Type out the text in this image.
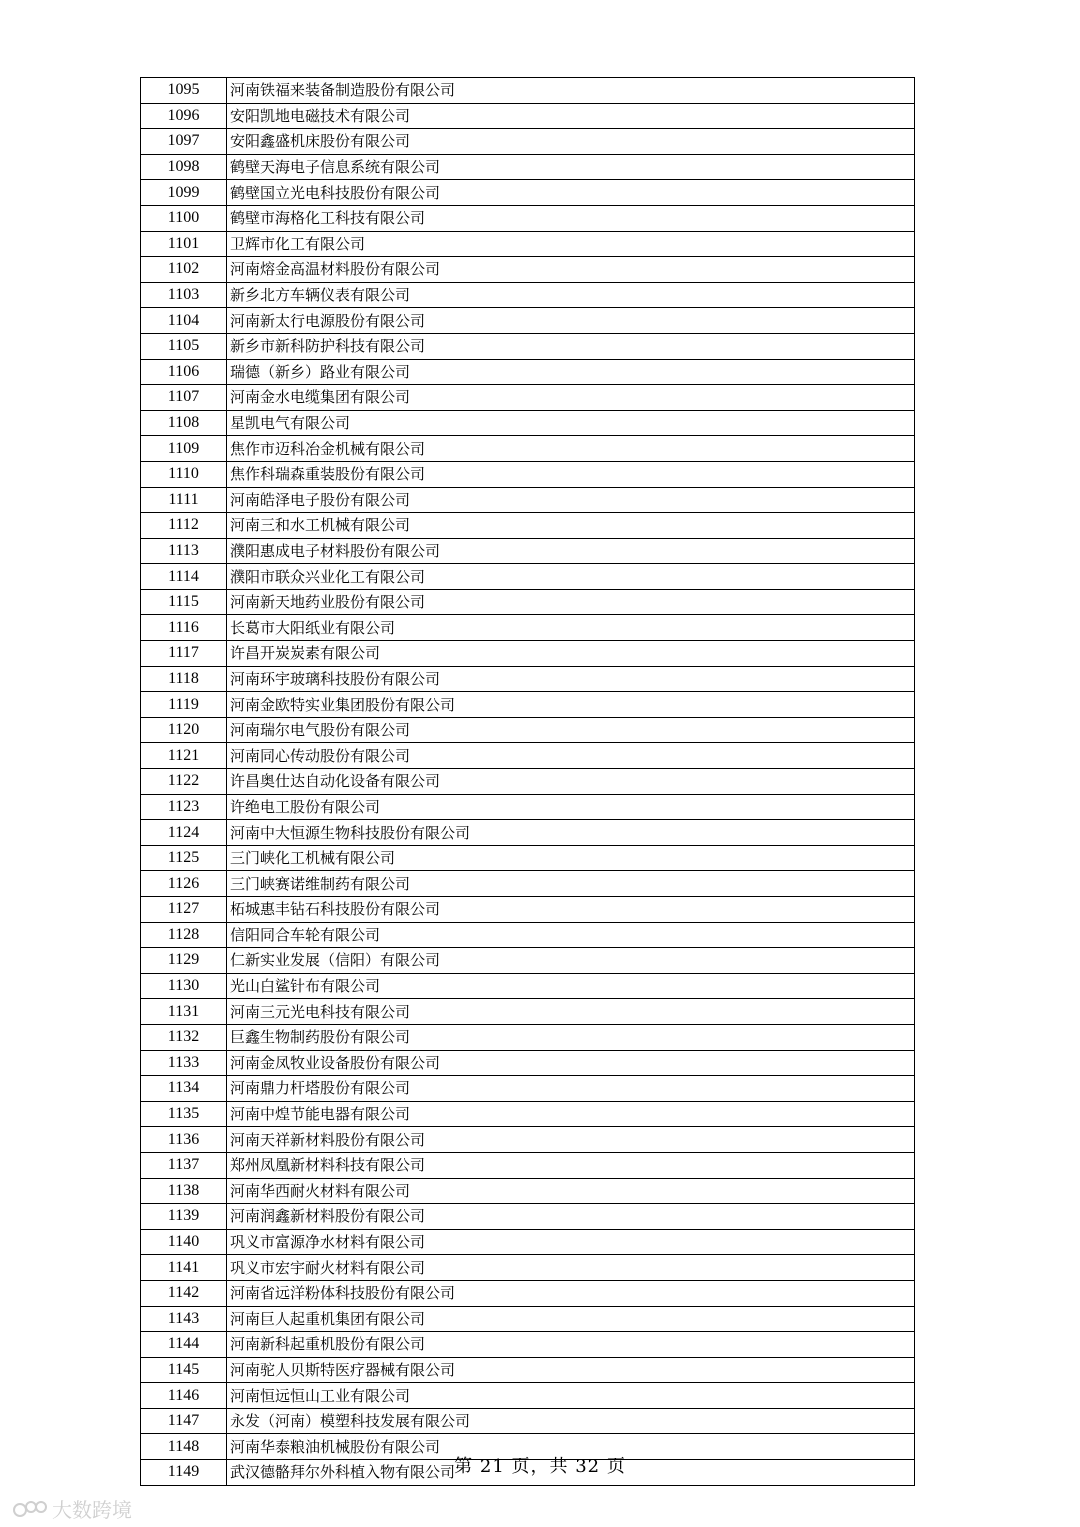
1095	河南铁福来装备制造股份有限公司
1096	安阳凯地电磁技术有限公司
1097	安阳鑫盛机床股份有限公司
1098	鹤壁天海电子信息系统有限公司
1099	鹤壁国立光电科技股份有限公司
1100	鹤壁市海格化工科技有限公司
1101	卫辉市化工有限公司
1102	河南熔金高温材料股份有限公司
1103	新乡北方车辆仪表有限公司
1104	河南新太行电源股份有限公司
1105	新乡市新科防护科技有限公司
1106	瑞德（新乡）路业有限公司
1107	河南金水电缆集团有限公司
1108	星凯电气有限公司
1109	焦作市迈科冶金机械有限公司
1110	焦作科瑞森重装股份有限公司
1111	河南皓泽电子股份有限公司
1112	河南三和水工机械有限公司
1113	濮阳惠成电子材料股份有限公司
1114	濮阳市联众兴业化工有限公司
1115	河南新天地药业股份有限公司
1116	长葛市大阳纸业有限公司
1117	许昌开炭炭素有限公司
1118	河南环宇玻璃科技股份有限公司
1119	河南金欧特实业集团股份有限公司
1120	河南瑞尔电气股份有限公司
1121	河南同心传动股份有限公司
1122	许昌奥仕达自动化设备有限公司
1123	许绝电工股份有限公司
1124	河南中大恒源生物科技股份有限公司
1125	三门峡化工机械有限公司
1126	三门峡赛诺维制药有限公司
1127	柘城惠丰钻石科技股份有限公司
1128	信阳同合车轮有限公司
1129	仁新实业发展（信阳）有限公司
1130	光山白鲨针布有限公司
1131	河南三元光电科技有限公司
1132	巨鑫生物制药股份有限公司
1133	河南金凤牧业设备股份有限公司
1134	河南鼎力杆塔股份有限公司
1135	河南中煌节能电器有限公司
1136	河南天祥新材料股份有限公司
1137	郑州凤凰新材料科技有限公司
1138	河南华西耐火材料有限公司
1139	河南润鑫新材料股份有限公司
1140	巩义市富源净水材料有限公司
1141	巩义市宏宇耐火材料有限公司
1142	河南省远洋粉体科技股份有限公司
1143	河南巨人起重机集团有限公司
1144	河南新科起重机股份有限公司
1145	河南驼人贝斯特医疗器械有限公司
1146	河南恒远恒山工业有限公司
1147	永发（河南）模塑科技发展有限公司
1148	河南华泰粮油机械股份有限公司
1149	武汉德骼拜尔外科植入物有限公司 第 21 页，共 32 页
大数跨境
